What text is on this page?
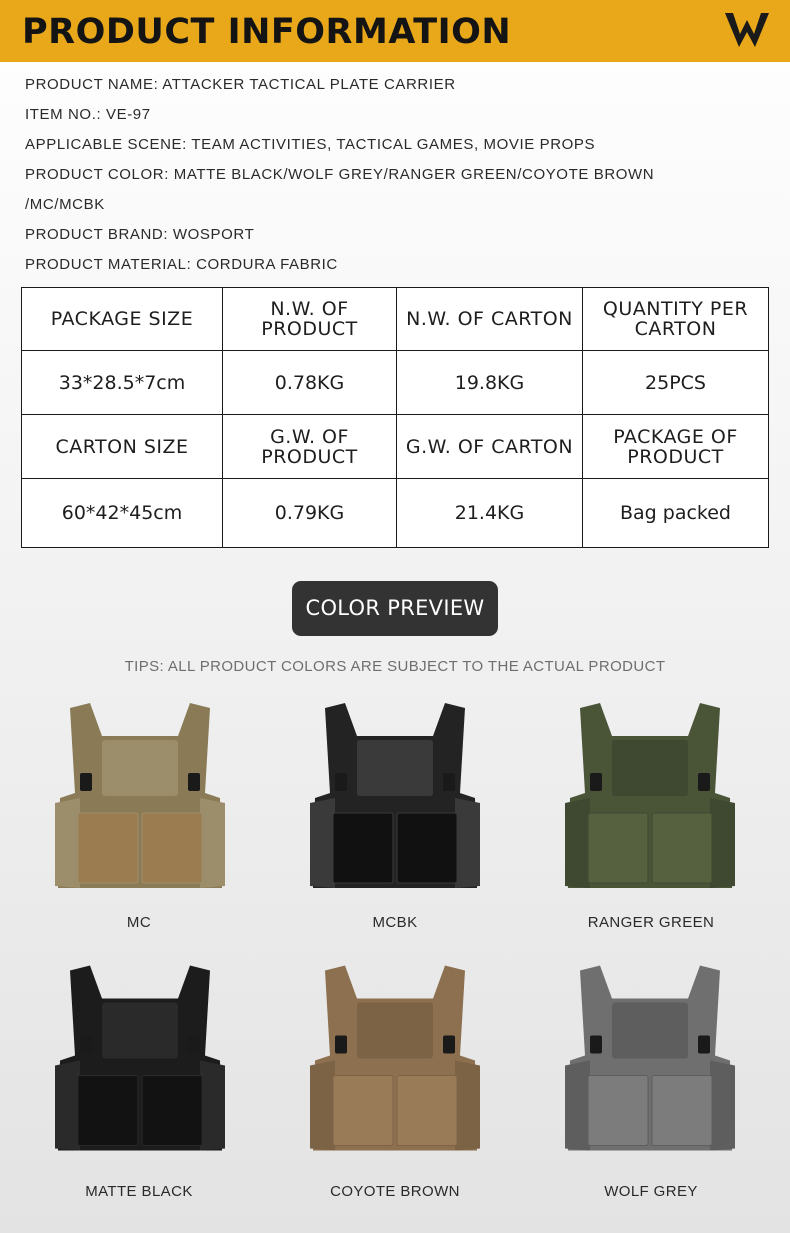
PRODUCT INFORMATION
PRODUCT NAME: ATTACKER TACTICAL PLATE CARRIER
ITEM NO.: VE-97
APPLICABLE SCENE: TEAM ACTIVITIES, TACTICAL GAMES, MOVIE PROPS
PRODUCT COLOR: MATTE BLACK/WOLF GREY/RANGER GREEN/COYOTE BROWN
/MC/MCBK
PRODUCT BRAND: WOSPORT
PRODUCT MATERIAL: CORDURA FABRIC
PACKAGE SIZE	N.W. OF PRODUCT	N.W. OF CARTON	QUANTITY PER CARTON
33*28.5*7cm	0.78KG	19.8KG	25PCS
CARTON SIZE	G.W. OF PRODUCT	G.W. OF CARTON	PACKAGE OF PRODUCT
60*42*45cm	0.79KG	21.4KG	Bag packed
COLOR PREVIEW
TIPS: ALL PRODUCT COLORS ARE SUBJECT TO THE ACTUAL PRODUCT
MC	MCBK	RANGER GREEN
MATTE BLACK	COYOTE BROWN	WOLF GREY
